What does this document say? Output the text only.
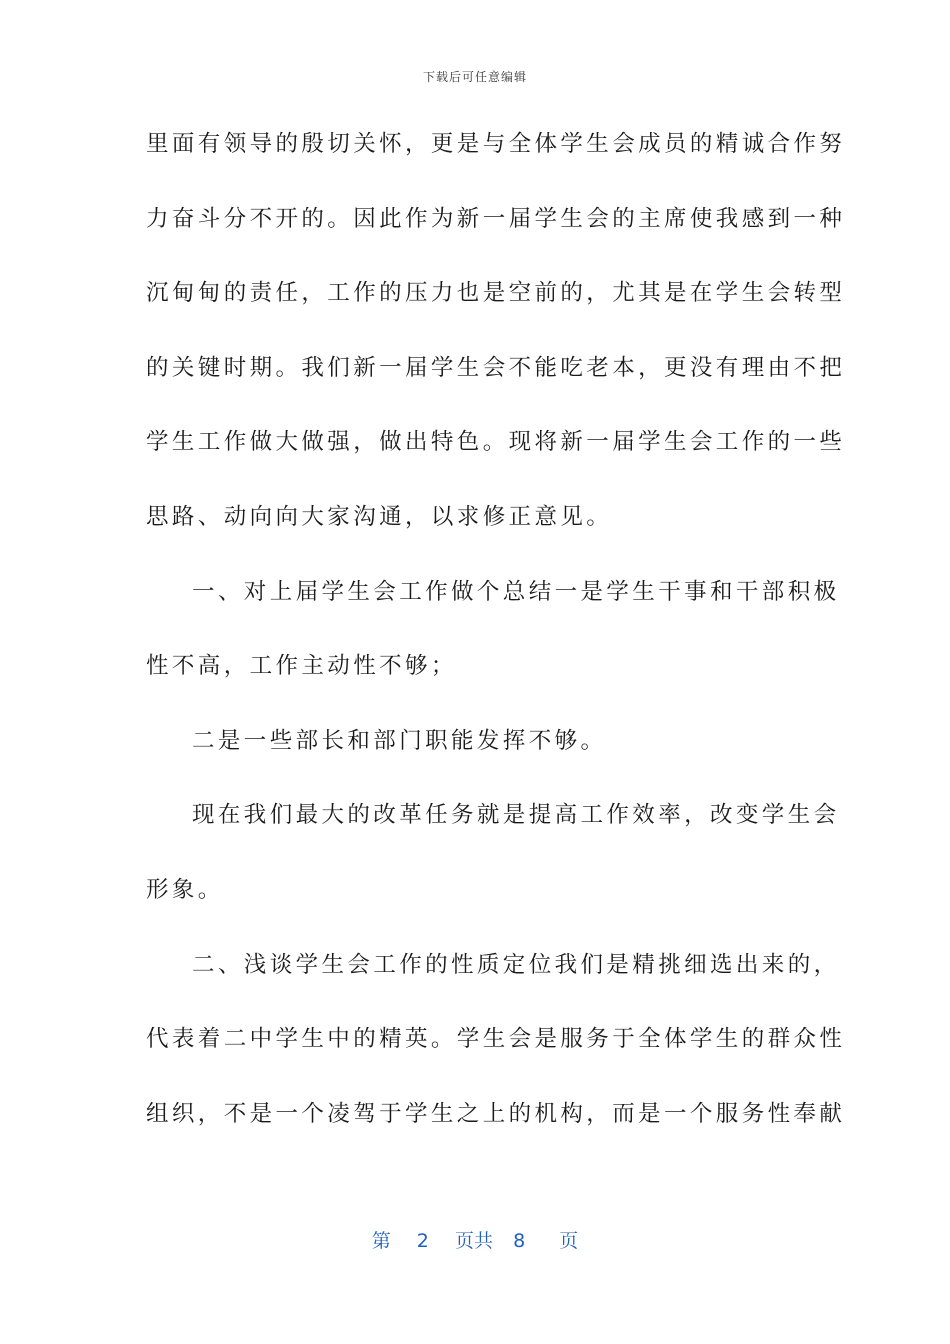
下载后可任意编辑
里面有领导的殷切关怀，更是与全体学生会成员的精诚合作努
力奋斗分不开的。因此作为新一届学生会的主席使我感到一种
沉甸甸的责任，工作的压力也是空前的，尤其是在学生会转型
的关键时期。我们新一届学生会不能吃老本，更没有理由不把
学生工作做大做强，做出特色。现将新一届学生会工作的一些
思路、动向向大家沟通，以求修正意见。
一、对上届学生会工作做个总结一是学生干事和干部积极
性不高，工作主动性不够；
二是一些部长和部门职能发挥不够。
现在我们最大的改革任务就是提高工作效率，改变学生会
形象。
二、浅谈学生会工作的性质定位我们是精挑细选出来的，
代表着二中学生中的精英。学生会是服务于全体学生的群众性
组织，不是一个凌驾于学生之上的机构，而是一个服务性奉献
第 2 页共 8 页
